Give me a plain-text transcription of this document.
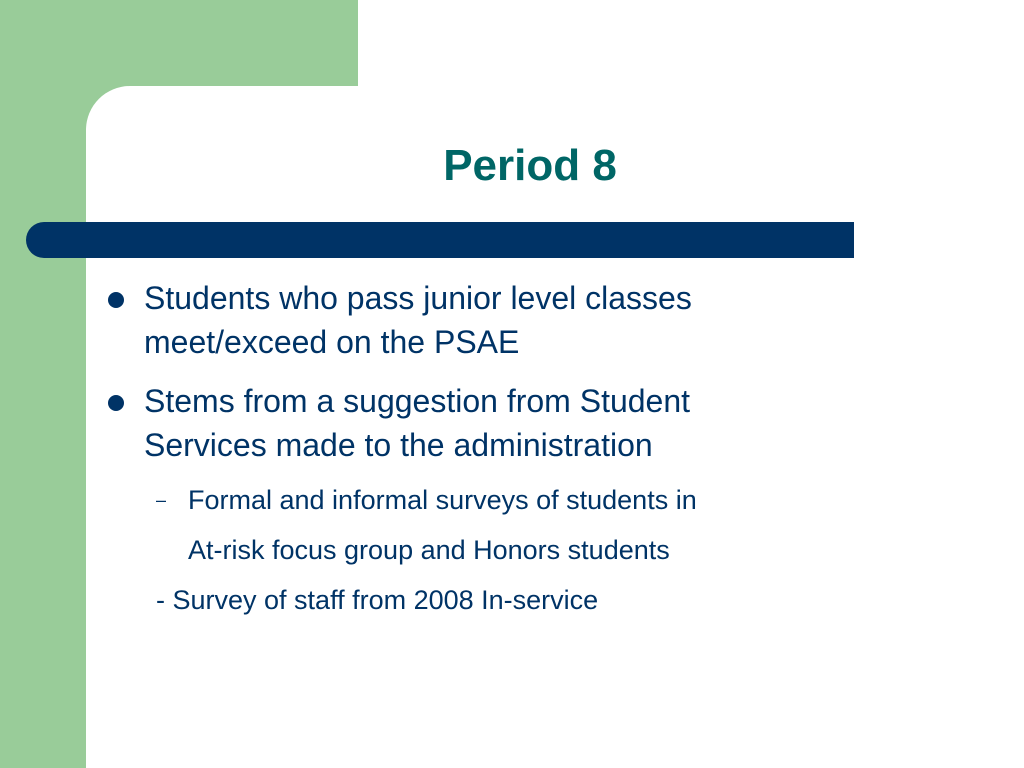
Period 8
Students who pass junior level classes
meet/exceed on the PSAE
Stems from a suggestion from Student
Services made to the administration
– Formal and informal surveys of students in
At-risk focus group and Honors students
- Survey of staff from 2008 In-service
